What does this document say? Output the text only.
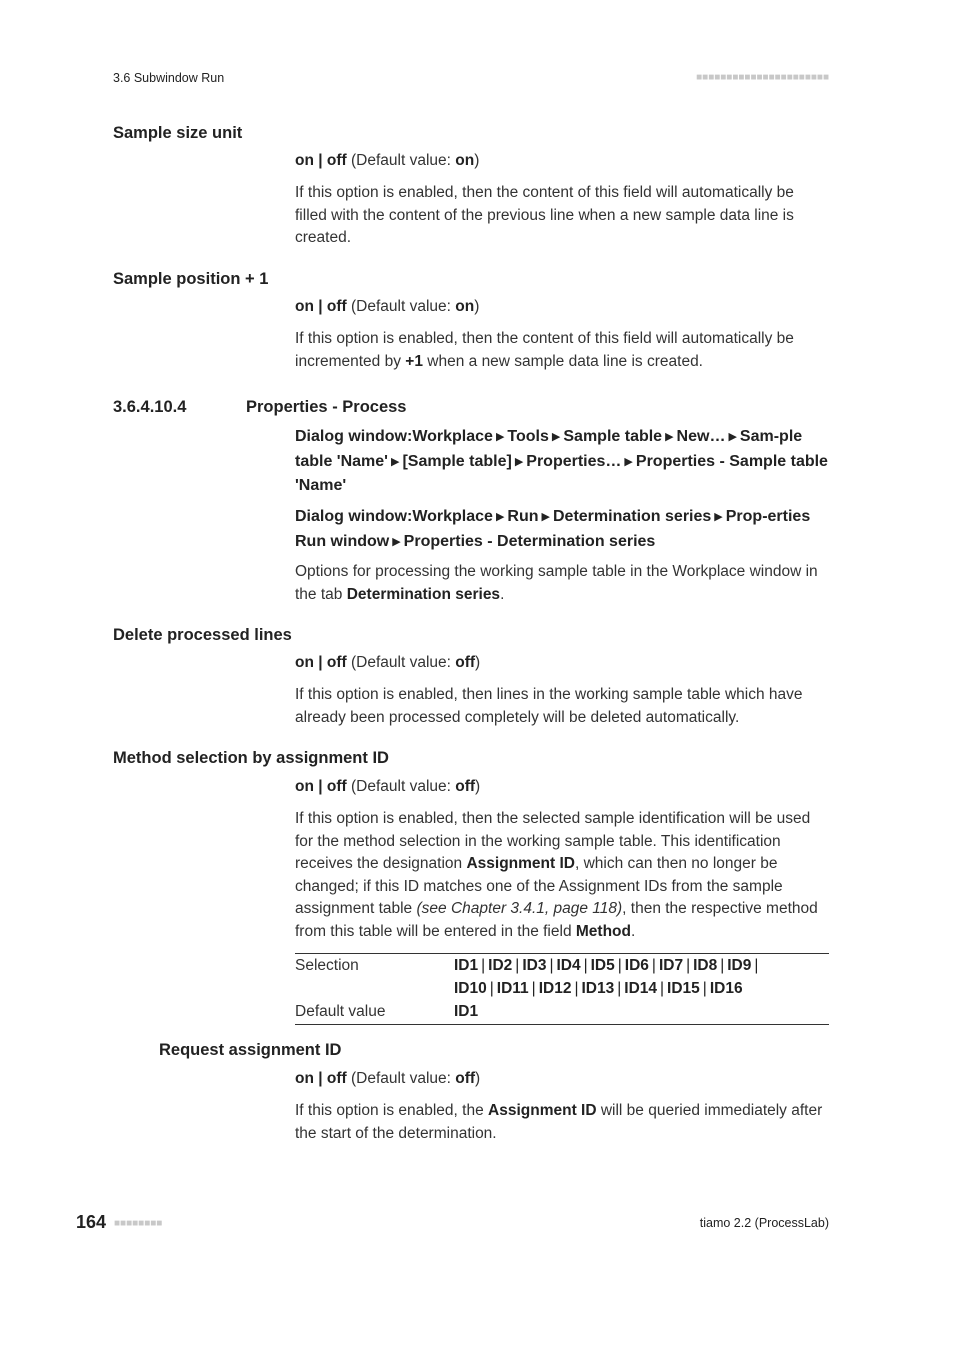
3.6 Subwindow Run	■■■■■■■■■■■■■■■■■■■■■■
Sample size unit
on | off (Default value: on)
If this option is enabled, then the content of this field will automatically be filled with the content of the previous line when a new sample data line is created.
Sample position + 1
on | off (Default value: on)
If this option is enabled, then the content of this field will automatically be incremented by +1 when a new sample data line is created.
3.6.4.10.4	Properties - Process
Dialog window:Workplace ▶ Tools ▶ Sample table ▶ New… ▶ Sam-ple table 'Name' ▶ [Sample table] ▶ Properties… ▶ Properties - Sample table 'Name'
Dialog window:Workplace ▶ Run ▶ Determination series ▶ Prop-erties Run window ▶ Properties - Determination series
Options for processing the working sample table in the Workplace window in the tab Determination series.
Delete processed lines
on | off (Default value: off)
If this option is enabled, then lines in the working sample table which have already been processed completely will be deleted automatically.
Method selection by assignment ID
on | off (Default value: off)
If this option is enabled, then the selected sample identification will be used for the method selection in the working sample table. This identification receives the designation Assignment ID, which can then no longer be changed; if this ID matches one of the Assignment IDs from the sample assignment table (see Chapter 3.4.1, page 118), then the respective method from this table will be entered in the field Method.
Selection	ID1 | ID2 | ID3 | ID4 | ID5 | ID6 | ID7 | ID8 | ID9 |
ID10 | ID11 | ID12 | ID13 | ID14 | ID15 | ID16
Default value	ID1
Request assignment ID
on | off (Default value: off)
If this option is enabled, the Assignment ID will be queried immediately after the start of the determination.
164 ■■■■■■■■	tiamo 2.2 (ProcessLab)
